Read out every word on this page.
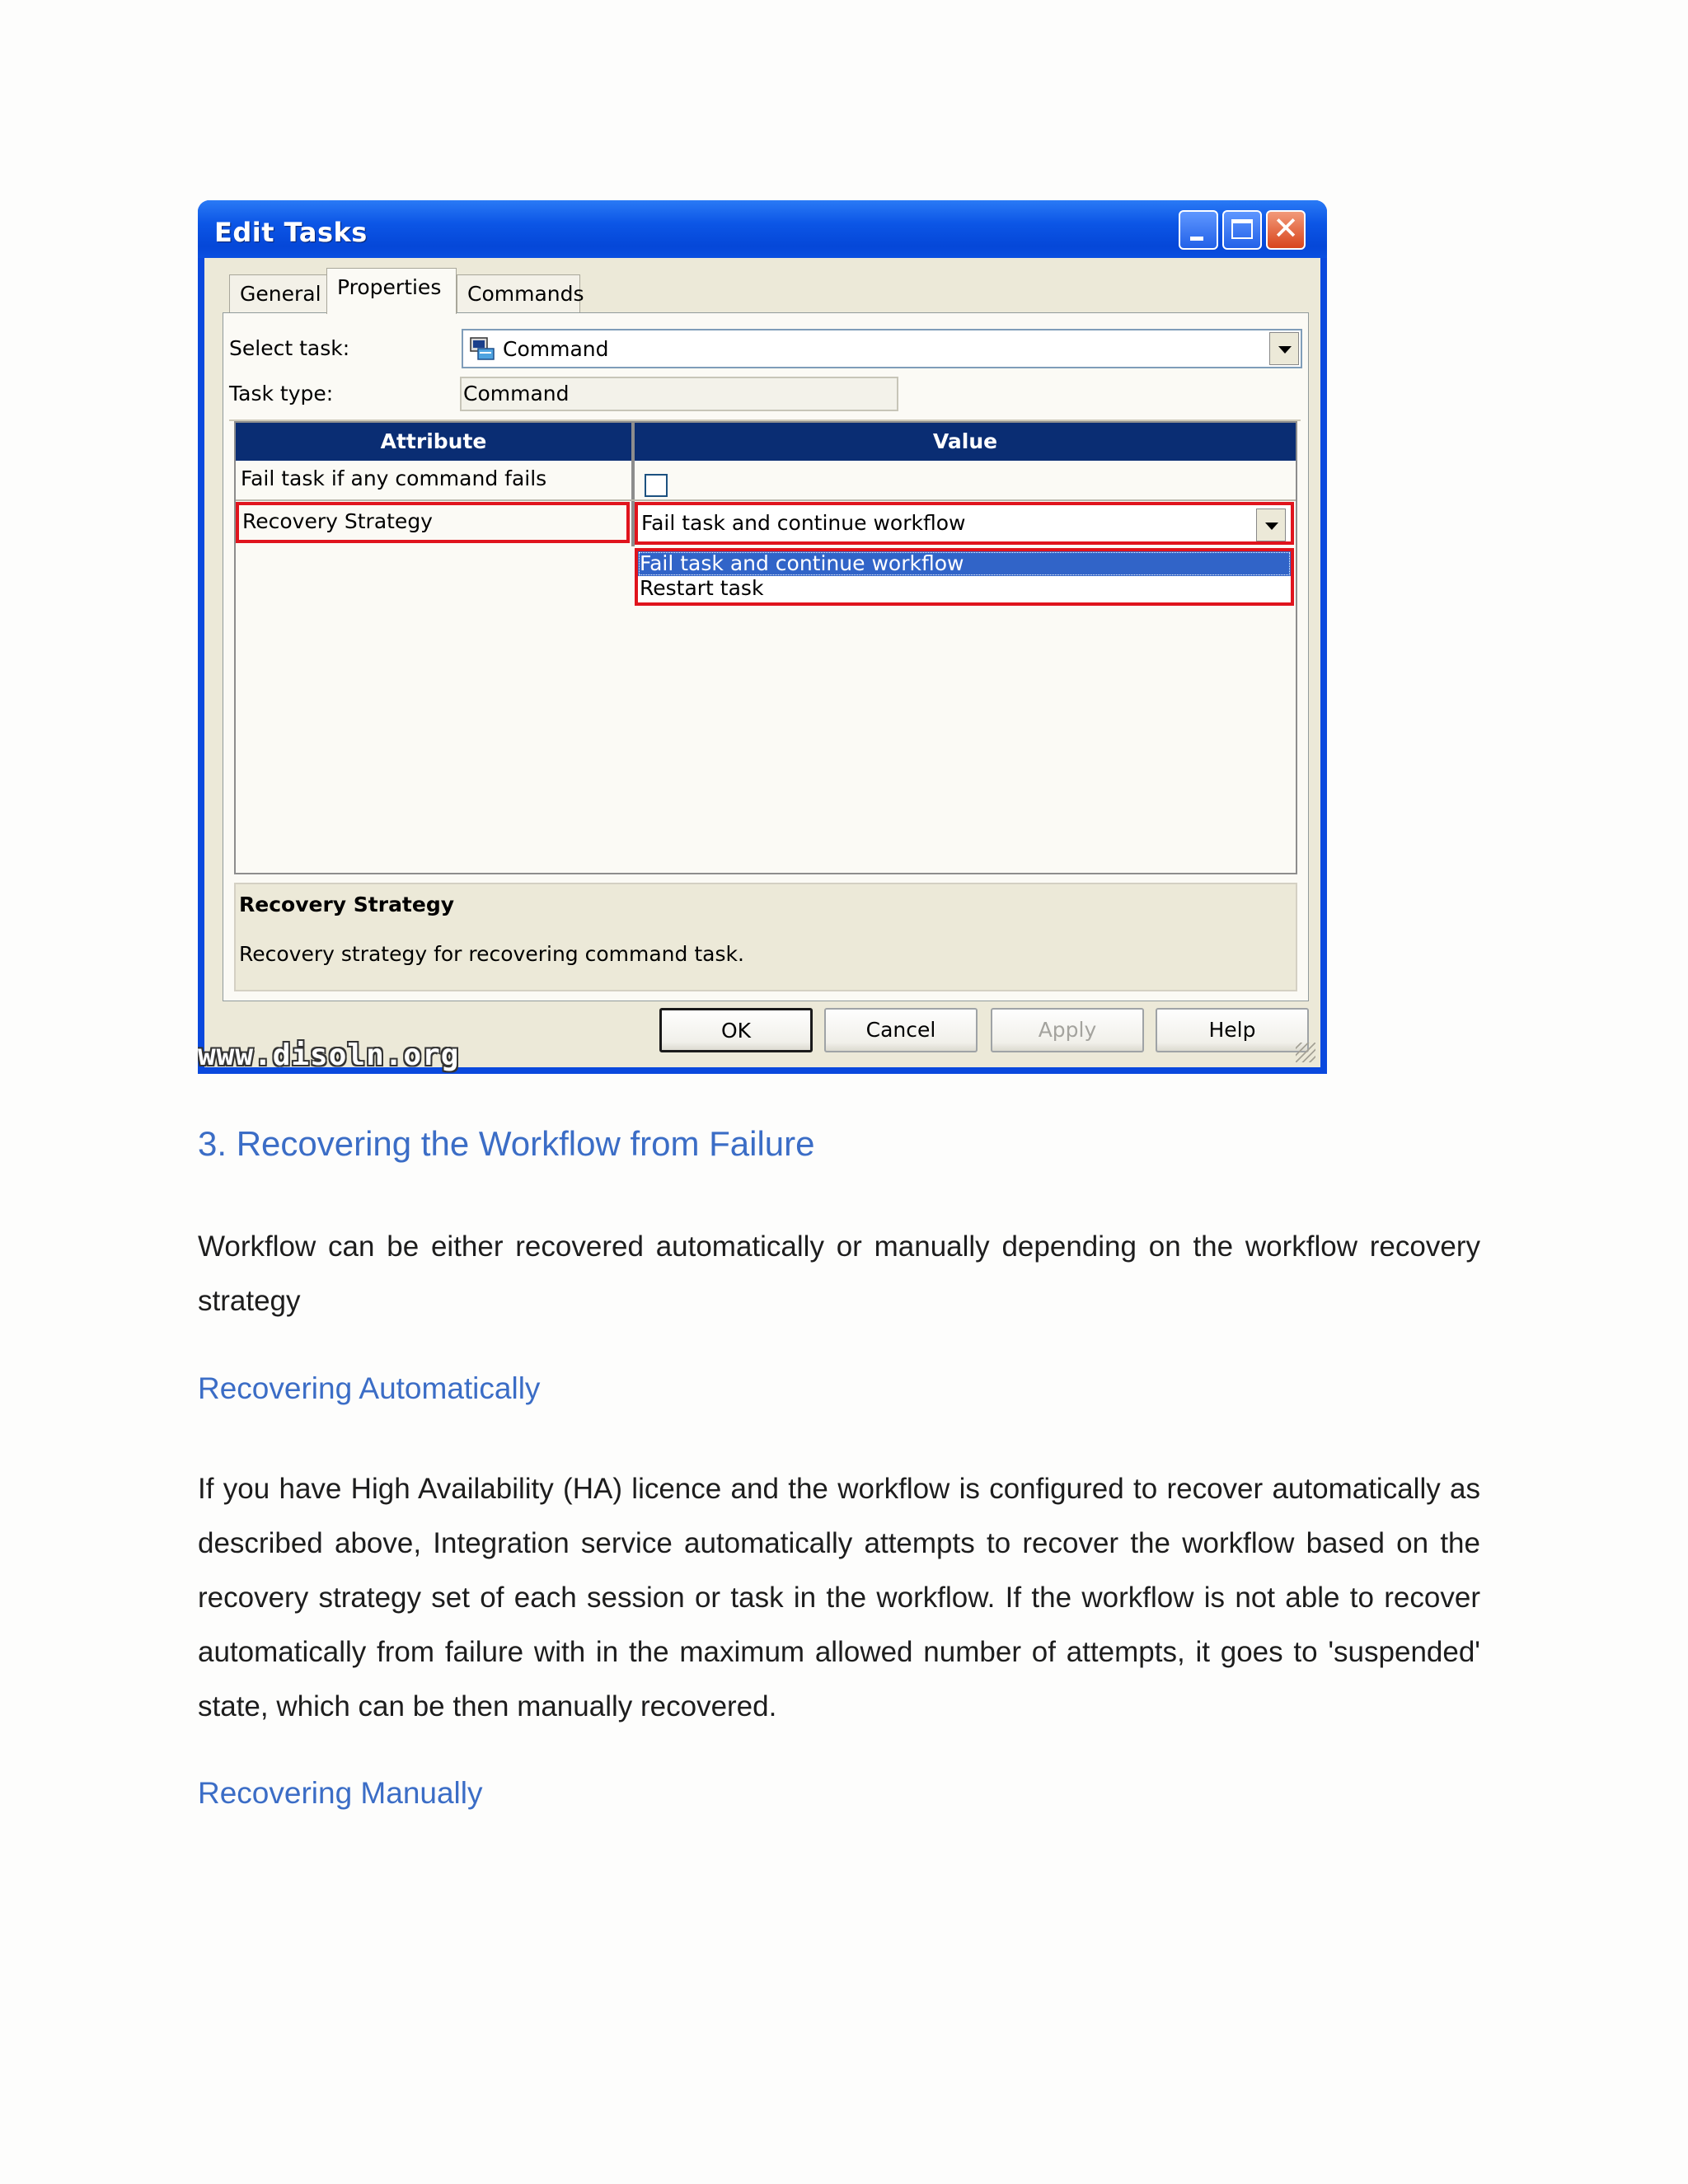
Edit Tasks	✕
General Properties	Commands
Select task:	Command
Task type:	Command
Attribute	Value
Fail task if any command fails
Recovery Strategy	Fail task and continue workflow
Fail task and continue workflow
Restart task
Recovery Strategy
Recovery strategy for recovering command task.
OK	Cancel	Apply	Help
www.disoln.org
3. Recovering the Workflow from Failure
Workflow can be either recovered automatically or manually depending on the workflow recovery strategy
Recovering Automatically
If you have High Availability (HA) licence and the workflow is configured to recover automatically as described above, Integration service automatically attempts to recover the workflow based on the recovery strategy set of each session or task in the workflow. If the workflow is not able to recover automatically from failure with in the maximum allowed number of attempts, it goes to 'suspended' state, which can be then manually recovered.
Recovering Manually
